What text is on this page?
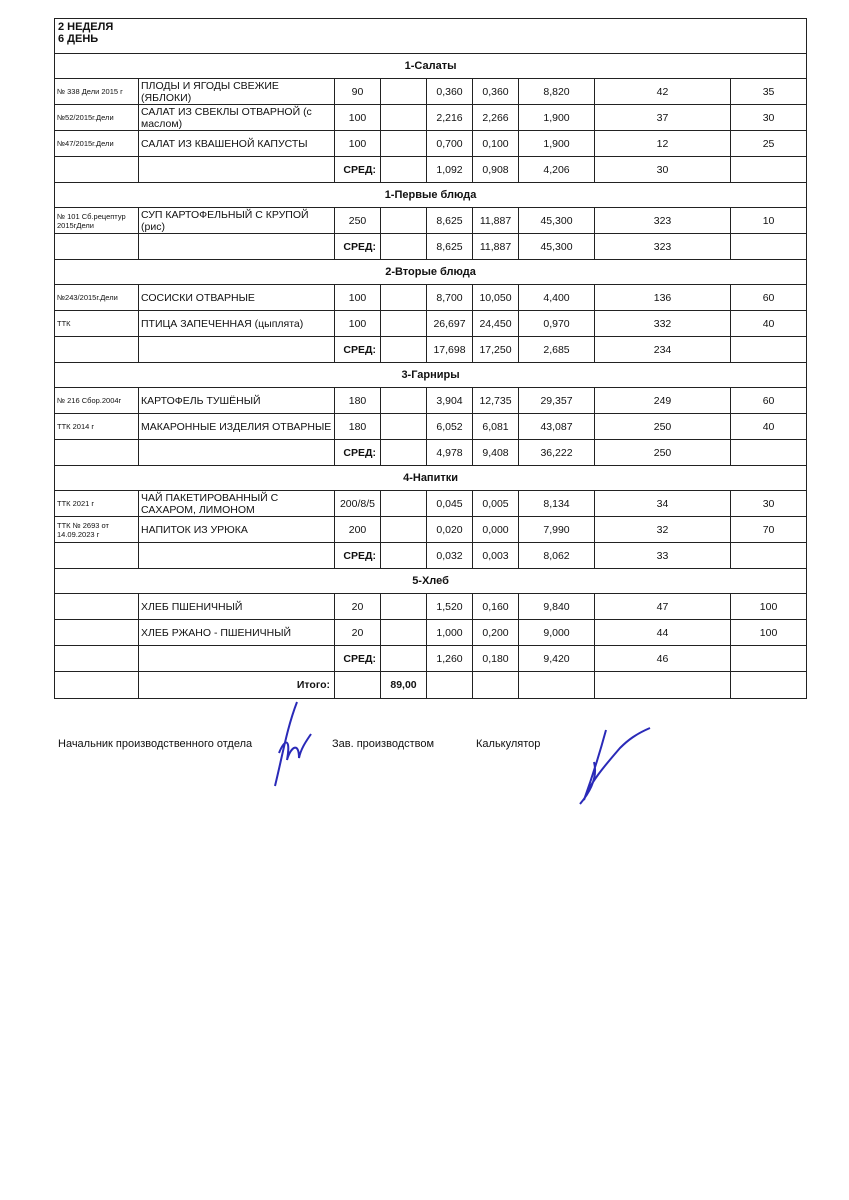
2 НЕДЕЛЯ
6 ДЕНЬ								

1-Салаты								
№ 338 Дели 2015 г	ПЛОДЫ И ЯГОДЫ СВЕЖИЕ (ЯБЛОКИ)	90		0,360	0,360	8,820	42	35
№52/2015г.Дели	САЛАТ ИЗ СВЕКЛЫ ОТВАРНОЙ (с маслом)	100		2,216	2,266	1,900	37	30
№47/2015г.Дели	САЛАТ ИЗ КВАШЕНОЙ КАПУСТЫ	100		0,700	0,100	1,900	12	25
		СРЕД:		1,092	0,908	4,206	30	
1-Первые блюда								
№ 101 Сб.рецептур 2015гДели	СУП КАРТОФЕЛЬНЫЙ С КРУПОЙ (рис)	250		8,625	11,887	45,300	323	10
		СРЕД:		8,625	11,887	45,300	323	
2-Вторые блюда								
№243/2015г.Дели	СОСИСКИ ОТВАРНЫЕ	100		8,700	10,050	4,400	136	60
ТТК	ПТИЦА ЗАПЕЧЕННАЯ (цыплята)	100		26,697	24,450	0,970	332	40
		СРЕД:		17,698	17,250	2,685	234	
3-Гарниры								
№ 216 Сбор.2004г	КАРТОФЕЛЬ ТУШЁНЫЙ	180		3,904	12,735	29,357	249	60
ТТК 2014 г	МАКАРОННЫЕ ИЗДЕЛИЯ ОТВАРНЫЕ	180		6,052	6,081	43,087	250	40
		СРЕД:		4,978	9,408	36,222	250	
4-Напитки								
ТТК 2021 г	ЧАЙ ПАКЕТИРОВАННЫЙ С САХАРОМ, ЛИМОНОМ	200/8/5		0,045	0,005	8,134	34	30
ТТК № 2693 от 14.09.2023 г	НАПИТОК ИЗ УРЮКА	200		0,020	0,000	7,990	32	70
		СРЕД:		0,032	0,003	8,062	33	
5-Хлеб								
	ХЛЕБ ПШЕНИЧНЫЙ	20		1,520	0,160	9,840	47	100
	ХЛЕБ РЖАНО - ПШЕНИЧНЫЙ	20		1,000	0,200	9,000	44	100
		СРЕД:		1,260	0,180	9,420	46	
	Итого:		89,00					
Начальник производственного отдела	Зав. производством	Калькулятор
